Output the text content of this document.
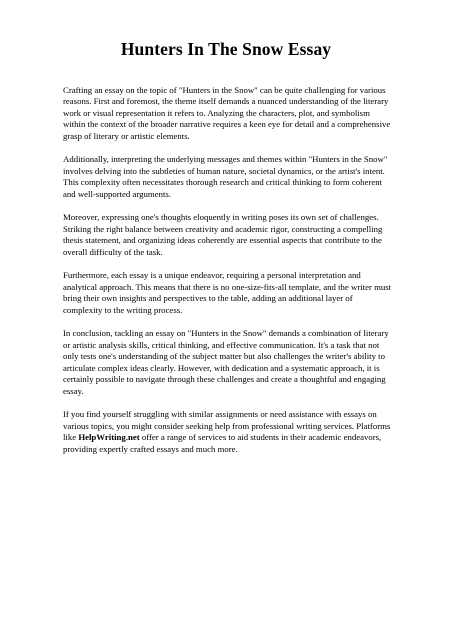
Hunters In The Snow Essay

Crafting an essay on the topic of "Hunters in the Snow" can be quite challenging for various reasons. First and foremost, the theme itself demands a nuanced understanding of the literary work or visual representation it refers to. Analyzing the characters, plot, and symbolism within the context of the broader narrative requires a keen eye for detail and a comprehensive grasp of literary or artistic elements.

Additionally, interpreting the underlying messages and themes within "Hunters in the Snow" involves delving into the subtleties of human nature, societal dynamics, or the artist's intent. This complexity often necessitates thorough research and critical thinking to form coherent and well-supported arguments.

Moreover, expressing one's thoughts eloquently in writing poses its own set of challenges. Striking the right balance between creativity and academic rigor, constructing a compelling thesis statement, and organizing ideas coherently are essential aspects that contribute to the overall difficulty of the task.

Furthermore, each essay is a unique endeavor, requiring a personal interpretation and analytical approach. This means that there is no one-size-fits-all template, and the writer must bring their own insights and perspectives to the table, adding an additional layer of complexity to the writing process.

In conclusion, tackling an essay on "Hunters in the Snow" demands a combination of literary or artistic analysis skills, critical thinking, and effective communication. It's a task that not only tests one's understanding of the subject matter but also challenges the writer's ability to articulate complex ideas clearly. However, with dedication and a systematic approach, it is certainly possible to navigate through these challenges and create a thoughtful and engaging essay.

If you find yourself struggling with similar assignments or need assistance with essays on various topics, you might consider seeking help from professional writing services. Platforms like HelpWriting.net offer a range of services to aid students in their academic endeavors, providing expertly crafted essays and much more.
